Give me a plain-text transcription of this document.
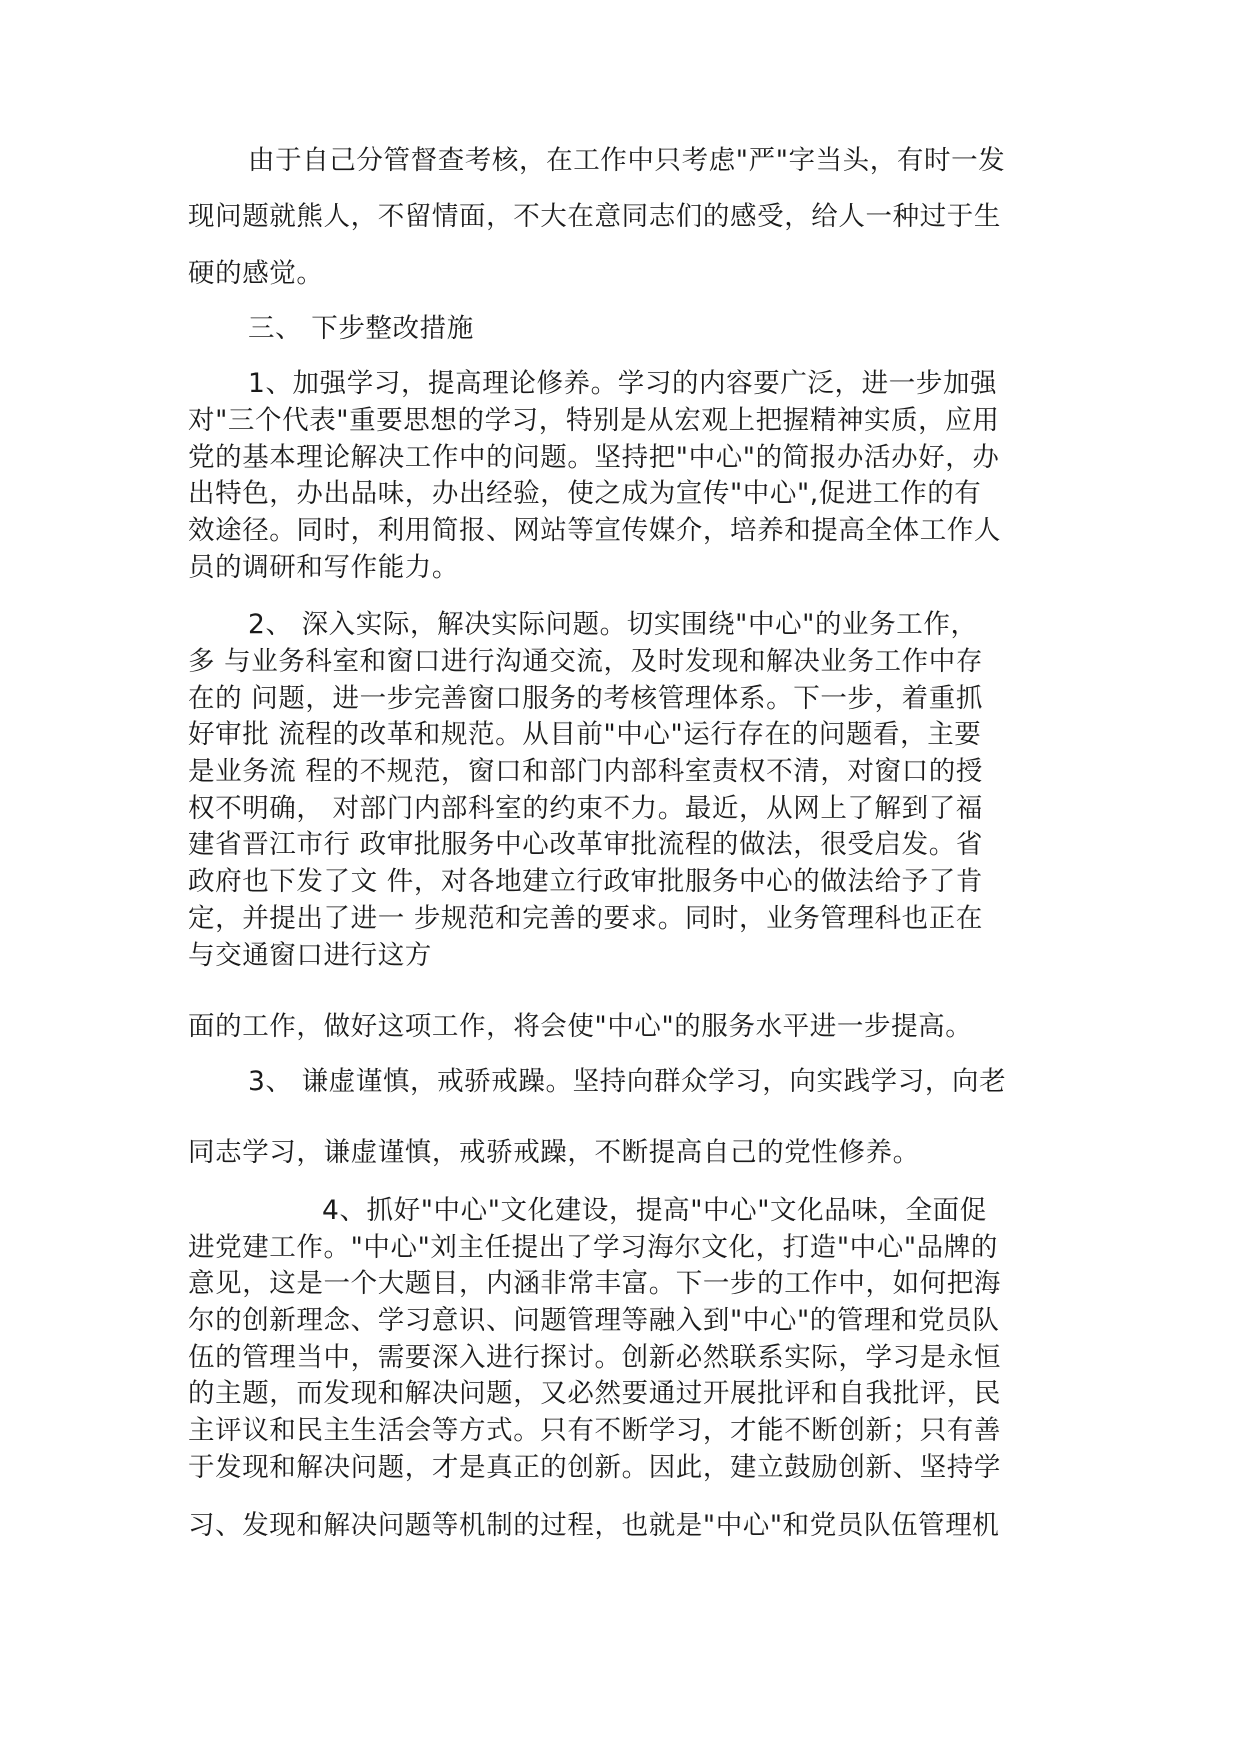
由于自己分管督查考核，在工作中只考虑"严"字当头，有时一发
现问题就熊人，不留情面，不大在意同志们的感受，给人一种过于生
硬的感觉。
三、 下步整改措施
1、加强学习，提高理论修养。学习的内容要广泛，进一步加强
对"三个代表"重要思想的学习，特别是从宏观上把握精神实质，应用
党的基本理论解决工作中的问题。坚持把"中心"的简报办活办好，办
出特色，办出品味，办出经验，使之成为宣传"中心",促进工作的有
效途径。同时，利用简报、网站等宣传媒介，培养和提高全体工作人
员的调研和写作能力。
2、 深入实际，解决实际问题。切实围绕"中心"的业务工作，
多 与业务科室和窗口进行沟通交流，及时发现和解决业务工作中存
在的 问题，进一步完善窗口服务的考核管理体系。下一步，着重抓
好审批 流程的改革和规范。从目前"中心"运行存在的问题看，主要
是业务流 程的不规范，窗口和部门内部科室责权不清，对窗口的授
权不明确， 对部门内部科室的约束不力。最近，从网上了解到了福
建省晋江市行 政审批服务中心改革审批流程的做法，很受启发。省
政府也下发了文 件，对各地建立行政审批服务中心的做法给予了肯
定，并提出了进一 步规范和完善的要求。同时，业务管理科也正在
与交通窗口进行这方
面的工作，做好这项工作，将会使"中心"的服务水平进一步提高。
3、 谦虚谨慎，戒骄戒躁。坚持向群众学习，向实践学习，向老
同志学习，谦虚谨慎，戒骄戒躁，不断提高自己的党性修养。
4、抓好"中心"文化建设，提高"中心"文化品味，全面促
进党建工作。"中心"刘主任提出了学习海尔文化，打造"中心"品牌的
意见，这是一个大题目，内涵非常丰富。下一步的工作中，如何把海
尔的创新理念、学习意识、问题管理等融入到"中心"的管理和党员队
伍的管理当中，需要深入进行探讨。创新必然联系实际，学习是永恒
的主题，而发现和解决问题，又必然要通过开展批评和自我批评，民
主评议和民主生活会等方式。只有不断学习，才能不断创新；只有善
于发现和解决问题，才是真正的创新。因此，建立鼓励创新、坚持学
习、发现和解决问题等机制的过程，也就是"中心"和党员队伍管理机
